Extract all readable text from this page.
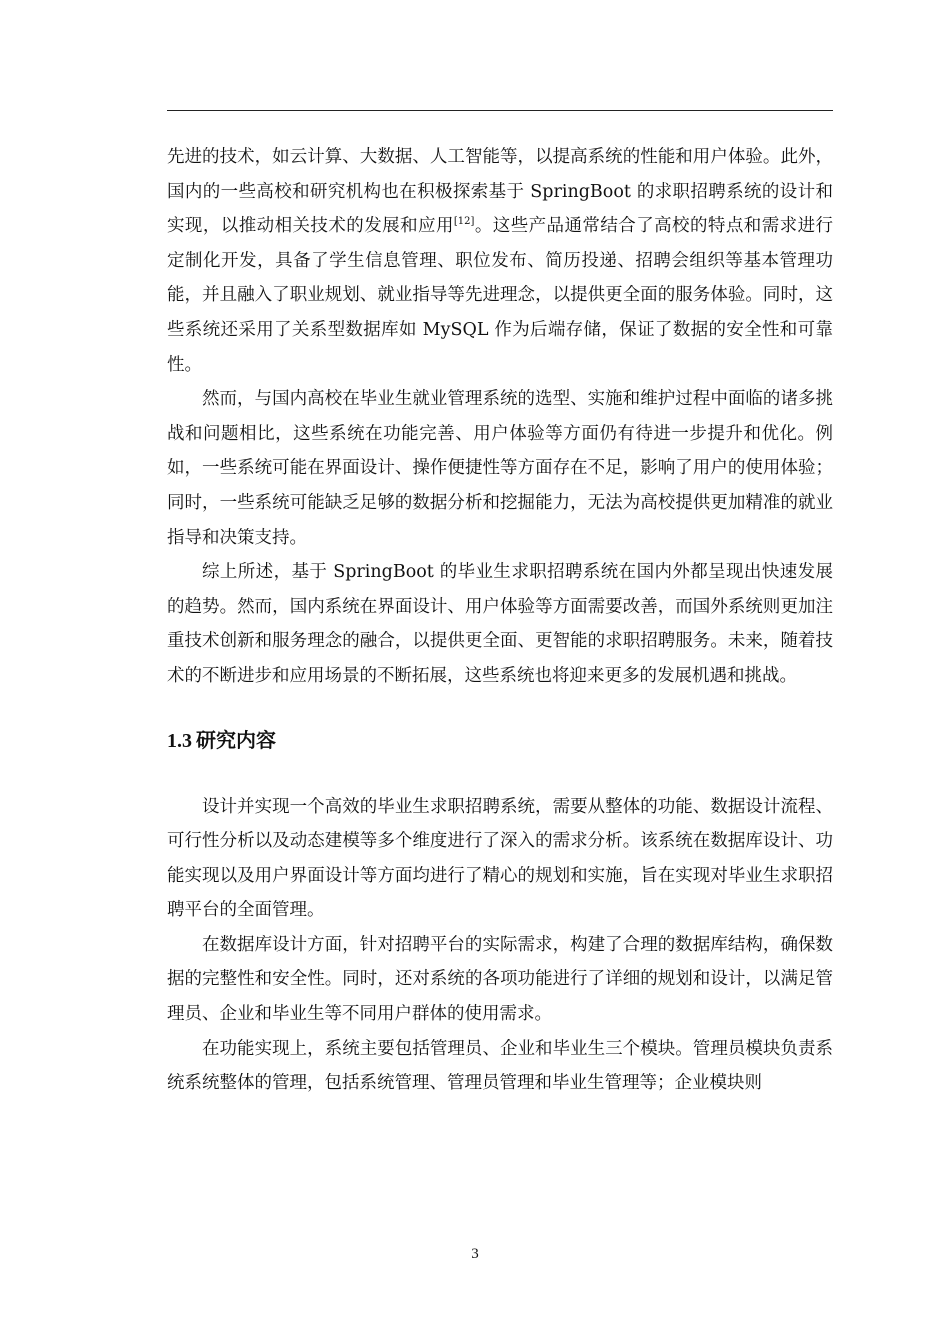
先进的技术，如云计算、大数据、人工智能等，以提高系统的性能和用户体验。此外，国内的一些高校和研究机构也在积极探索基于 SpringBoot 的求职招聘系统的设计和实现，以推动相关技术的发展和应用[12]。这些产品通常结合了高校的特点和需求进行定制化开发，具备了学生信息管理、职位发布、简历投递、招聘会组织等基本管理功能，并且融入了职业规划、就业指导等先进理念，以提供更全面的服务体验。同时，这些系统还采用了关系型数据库如 MySQL 作为后端存储，保证了数据的安全性和可靠性。

然而，与国内高校在毕业生就业管理系统的选型、实施和维护过程中面临的诸多挑战和问题相比，这些系统在功能完善、用户体验等方面仍有待进一步提升和优化。例如，一些系统可能在界面设计、操作便捷性等方面存在不足，影响了用户的使用体验；同时，一些系统可能缺乏足够的数据分析和挖掘能力，无法为高校提供更加精准的就业指导和决策支持。

综上所述，基于 SpringBoot 的毕业生求职招聘系统在国内外都呈现出快速发展的趋势。然而，国内系统在界面设计、用户体验等方面需要改善，而国外系统则更加注重技术创新和服务理念的融合，以提供更全面、更智能的求职招聘服务。未来，随着技术的不断进步和应用场景的不断拓展，这些系统也将迎来更多的发展机遇和挑战。

1.3 研究内容

设计并实现一个高效的毕业生求职招聘系统，需要从整体的功能、数据设计流程、可行性分析以及动态建模等多个维度进行了深入的需求分析。该系统在数据库设计、功能实现以及用户界面设计等方面均进行了精心的规划和实施，旨在实现对毕业生求职招聘平台的全面管理。

在数据库设计方面，针对招聘平台的实际需求，构建了合理的数据库结构，确保数据的完整性和安全性。同时，还对系统的各项功能进行了详细的规划和设计，以满足管理员、企业和毕业生等不同用户群体的使用需求。

在功能实现上，系统主要包括管理员、企业和毕业生三个模块。管理员模块负责系统系统整体的管理，包括系统管理、管理员管理和毕业生管理等；企业模块则

3
